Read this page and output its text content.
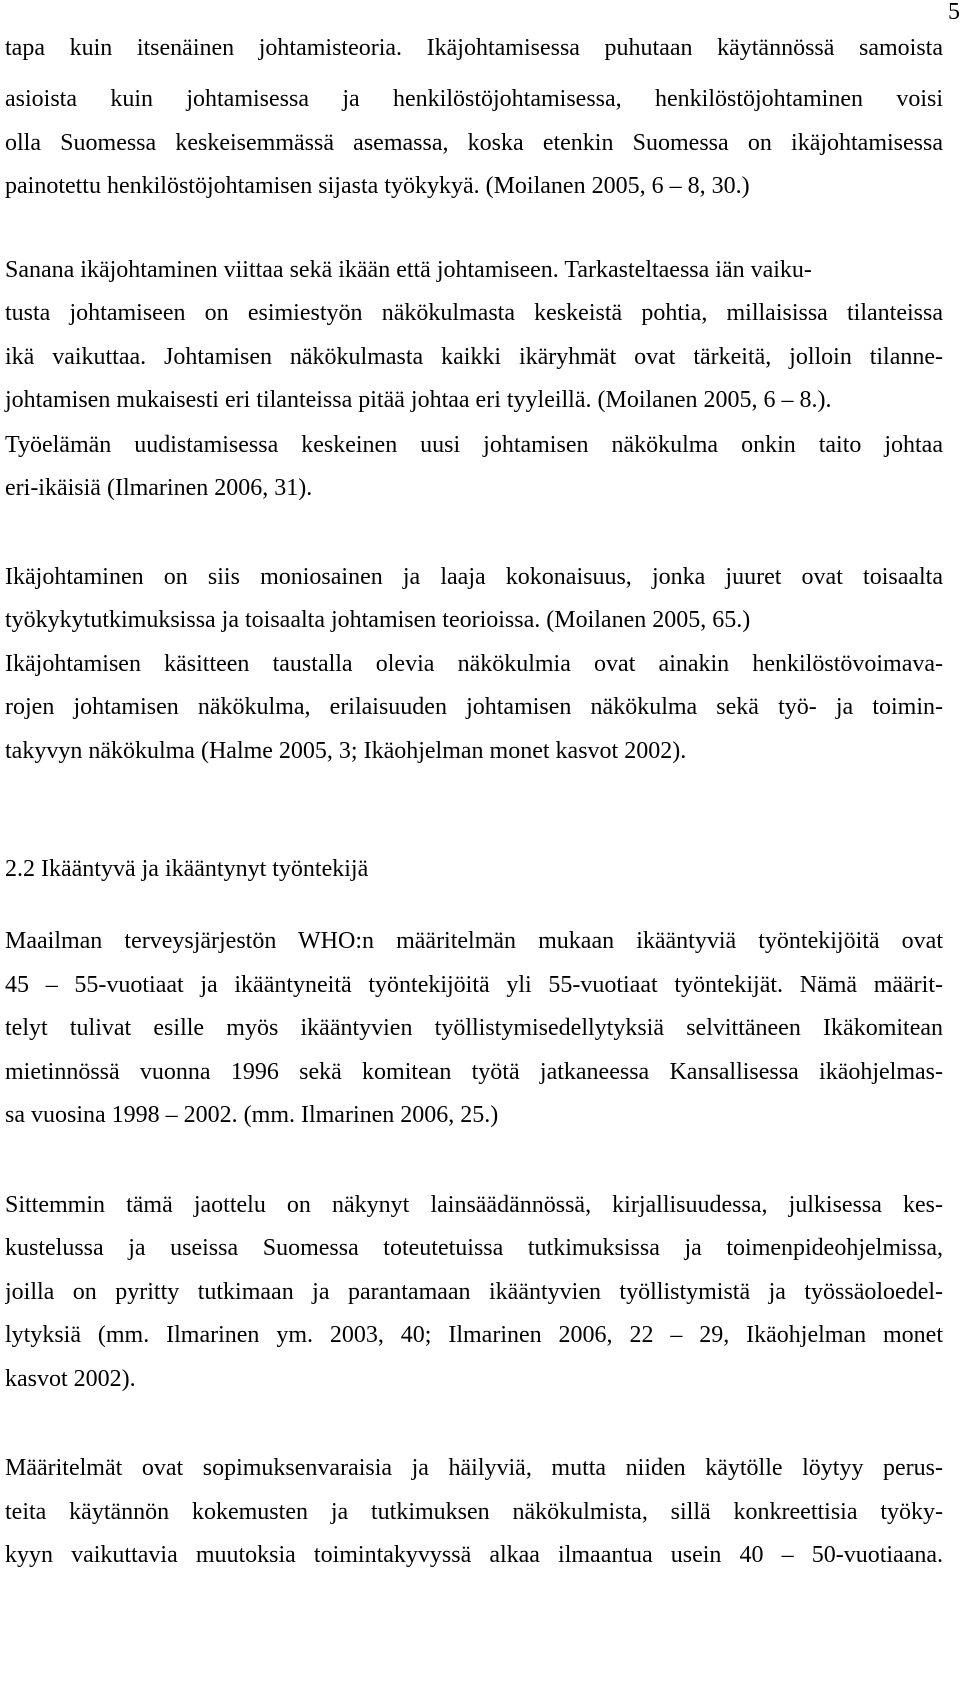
5
tapa kuin itsenäinen johtamisteoria. Ikäjohtamisessa puhutaan käytännössä samoista
asioista kuin johtamisessa ja henkilöstöjohtamisessa, henkilöstöjohtaminen voisi
olla Suomessa keskeisemmässä asemassa, koska etenkin Suomessa on ikäjohtamisessa
painotettu henkilöstöjohtamisen sijasta työkykyä. (Moilanen 2005, 6 – 8, 30.)
Sanana ikäjohtaminen viittaa sekä ikään että johtamiseen. Tarkasteltaessa iän vaiku-
tusta johtamiseen on esimiestyön näkökulmasta keskeistä pohtia, millaisissa tilanteissa
ikä vaikuttaa. Johtamisen näkökulmasta kaikki ikäryhmät ovat tärkeitä, jolloin tilanne-
johtamisen mukaisesti eri tilanteissa pitää johtaa eri tyyleillä. (Moilanen 2005, 6 – 8.).
Työelämän uudistamisessa keskeinen uusi johtamisen näkökulma onkin taito johtaa
eri-ikäisiä (Ilmarinen 2006, 31).
Ikäjohtaminen on siis moniosainen ja laaja kokonaisuus, jonka juuret ovat toisaalta
työkykytutkimuksissa ja toisaalta johtamisen teorioissa. (Moilanen 2005, 65.)
Ikäjohtamisen käsitteen taustalla olevia näkökulmia ovat ainakin henkilöstövoimava-
rojen johtamisen näkökulma, erilaisuuden johtamisen näkökulma sekä työ- ja toimin-
takyvyn näkökulma (Halme 2005, 3; Ikäohjelman monet kasvot 2002).
2.2 Ikääntyvä ja ikääntynyt työntekijä
Maailman terveysjärjestön WHO:n määritelmän mukaan ikääntyviä työntekijöitä ovat
45 – 55-vuotiaat ja ikääntyneitä työntekijöitä yli 55-vuotiaat työntekijät. Nämä määrit-
telyt tulivat esille myös ikääntyvien työllistymisedellytyksiä selvittäneen Ikäkomitean
mietinnössä vuonna 1996 sekä komitean työtä jatkaneessa Kansallisessa ikäohjelmas-
sa vuosina 1998 – 2002. (mm. Ilmarinen 2006, 25.)
Sittemmin tämä jaottelu on näkynyt lainsäädännössä, kirjallisuudessa, julkisessa kes-
kustelussa ja useissa Suomessa toteutetuissa tutkimuksissa ja toimenpideohjelmissa,
joilla on pyritty tutkimaan ja parantamaan ikääntyvien työllistymistä ja työssäoloedel-
lytyksiä (mm. Ilmarinen ym. 2003, 40; Ilmarinen 2006, 22 – 29, Ikäohjelman monet
kasvot 2002).
Määritelmät ovat sopimuksenvaraisia ja häilyviä, mutta niiden käytölle löytyy perus-
teita käytännön kokemusten ja tutkimuksen näkökulmista, sillä konkreettisia työky-
kyyn vaikuttavia muutoksia toimintakyvyssä alkaa ilmaantua usein 40 – 50-vuotiaana.
